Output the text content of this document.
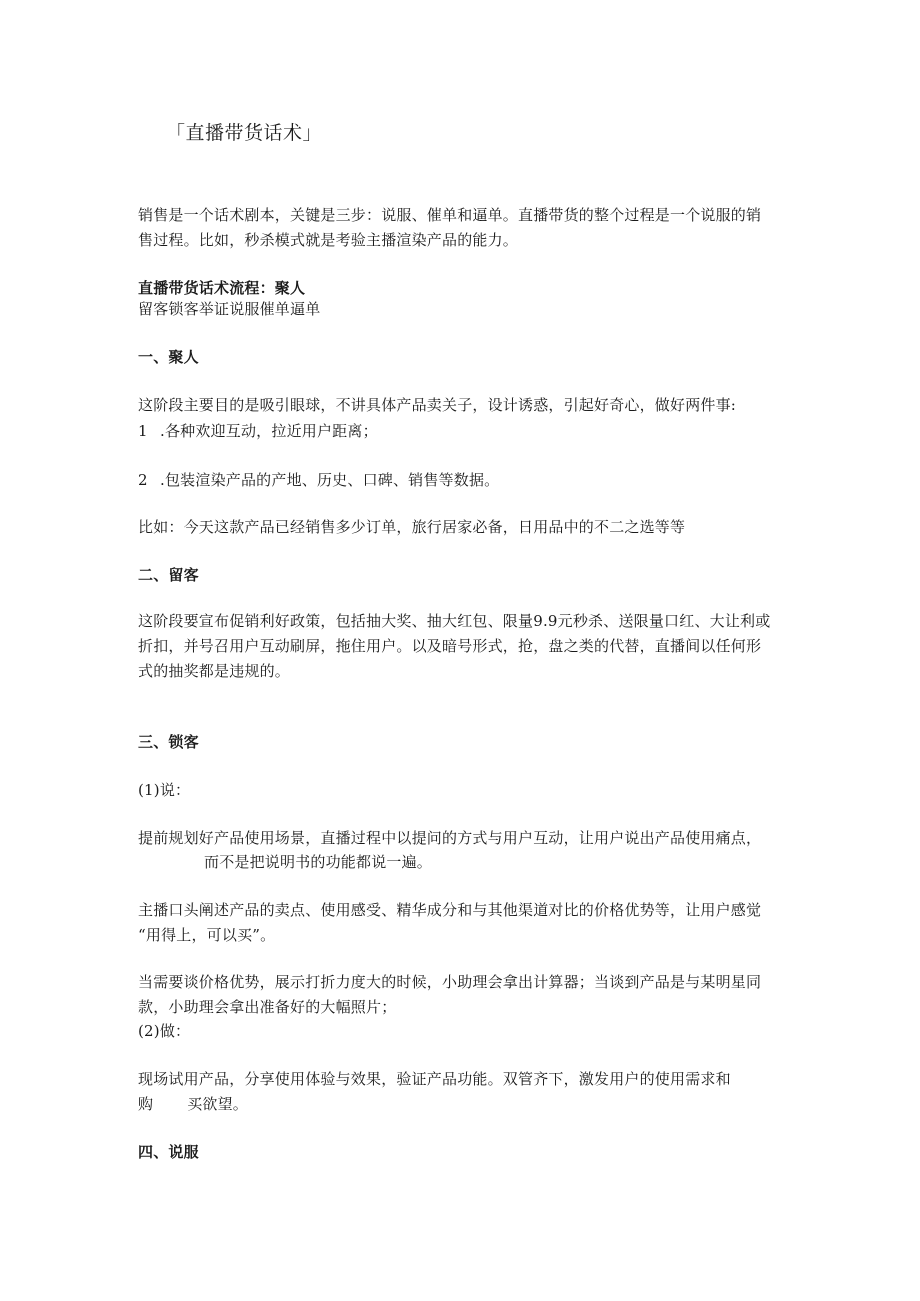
「直播带货话术」
销售是一个话术剧本，关键是三步：说服、催单和逼单。直播带货的整个过程是一个说服的销
售过程。比如，秒杀模式就是考验主播渲染产品的能力。
直播带货话术流程：聚人
留客锁客举证说服催单逼单
一、聚人
这阶段主要目的是吸引眼球，不讲具体产品卖关子，设计诱惑，引起好奇心，做好两件事:
1 .各种欢迎互动，拉近用户距离；
2 .包装渲染产品的产地、历史、口碑、销售等数据。
比如：今天这款产品已经销售多少订单，旅行居家必备，日用品中的不二之选等等
二、留客
这阶段要宣布促销利好政策，包括抽大奖、抽大红包、限量9.9元秒杀、送限量口红、大让利或
折扣，并号召用户互动刷屏，拖住用户。以及暗号形式，抢，盘之类的代替，直播间以任何形
式的抽奖都是违规的。
三、锁客
(1)说：
提前规划好产品使用场景，直播过程中以提问的方式与用户互动，让用户说出产品使用痛点，
而不是把说明书的功能都说一遍。
主播口头阐述产品的卖点、使用感受、精华成分和与其他渠道对比的价格优势等，让用户感觉
“用得上，可以买”。
当需要谈价格优势，展示打折力度大的时候，小助理会拿出计算器；当谈到产品是与某明星同
款，小助理会拿出准备好的大幅照片；
(2)做：
现场试用产品，分享使用体验与效果，验证产品功能。双管齐下，激发用户的使用需求和
购 买欲望。
四、说服
